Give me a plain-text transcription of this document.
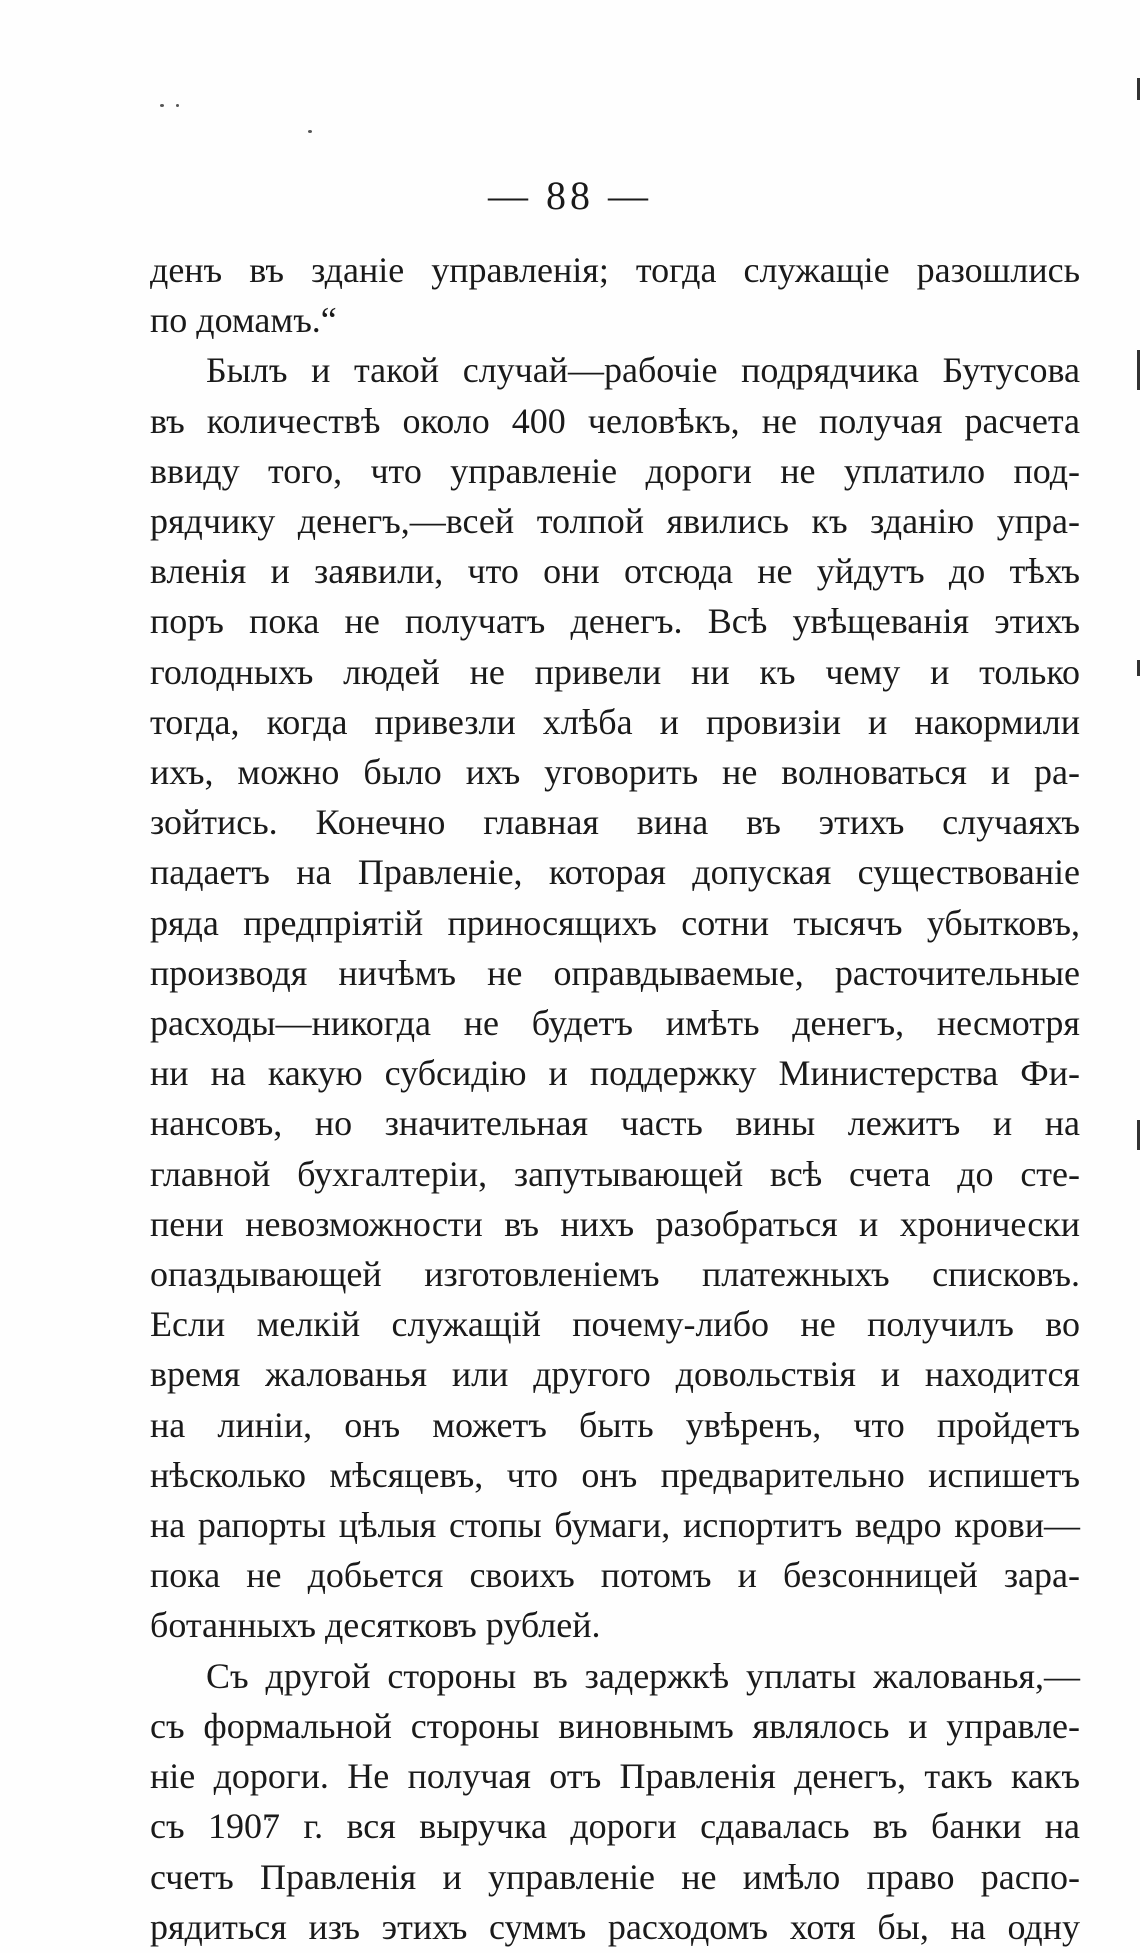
— 88 —
денъ въ зданіе управленія; тогда служащіе разошлись
по домамъ.“
Былъ и такой случай—рабочіе подрядчика Бутусова
въ количествѣ около 400 человѣкъ, не получая расчета
ввиду того, что управленіе дороги не уплатило под-
рядчику денегъ,—всей толпой явились къ зданію упра-
вленія и заявили, что они отсюда не уйдутъ до тѣхъ
поръ пока не получатъ денегъ. Всѣ увѣщеванія этихъ
голодныхъ людей не привели ни къ чему и только
тогда, когда привезли хлѣба и провизіи и накормили
ихъ, можно было ихъ уговорить не волноваться и ра-
зойтись. Конечно главная вина въ этихъ случаяхъ
падаетъ на Правленіе, которая допуская существованіе
ряда предпріятій приносящихъ сотни тысячъ убытковъ,
производя ничѣмъ не оправдываемые, расточительные
расходы—никогда не будетъ имѣть денегъ, несмотря
ни на какую субсидію и поддержку Министерства Фи-
нансовъ, но значительная часть вины лежитъ и на
главной бухгалтеріи, запутывающей всѣ счета до сте-
пени невозможности въ нихъ разобраться и хронически
опаздывающей изготовленіемъ платежныхъ списковъ.
Если мелкій служащій почему-либо не получилъ во
время жалованья или другого довольствія и находится
на линіи, онъ можетъ быть увѣренъ, что пройдетъ
нѣсколько мѣсяцевъ, что онъ предварительно испишетъ
на рапорты цѣлыя стопы бумаги, испортитъ ведро крови—
пока не добьется своихъ потомъ и безсонницей зара-
ботанныхъ десятковъ рублей.
Съ другой стороны въ задержкѣ уплаты жалованья,—
съ формальной стороны виновнымъ являлось и управле-
ніе дороги. Не получая отъ Правленія денегъ, такъ какъ
съ 1907 г. вся выручка дороги сдавалась въ банки на
счетъ Правленія и управленіе не имѣло право распо-
рядиться изъ этихъ суммъ расходомъ хотя бы, на одну
